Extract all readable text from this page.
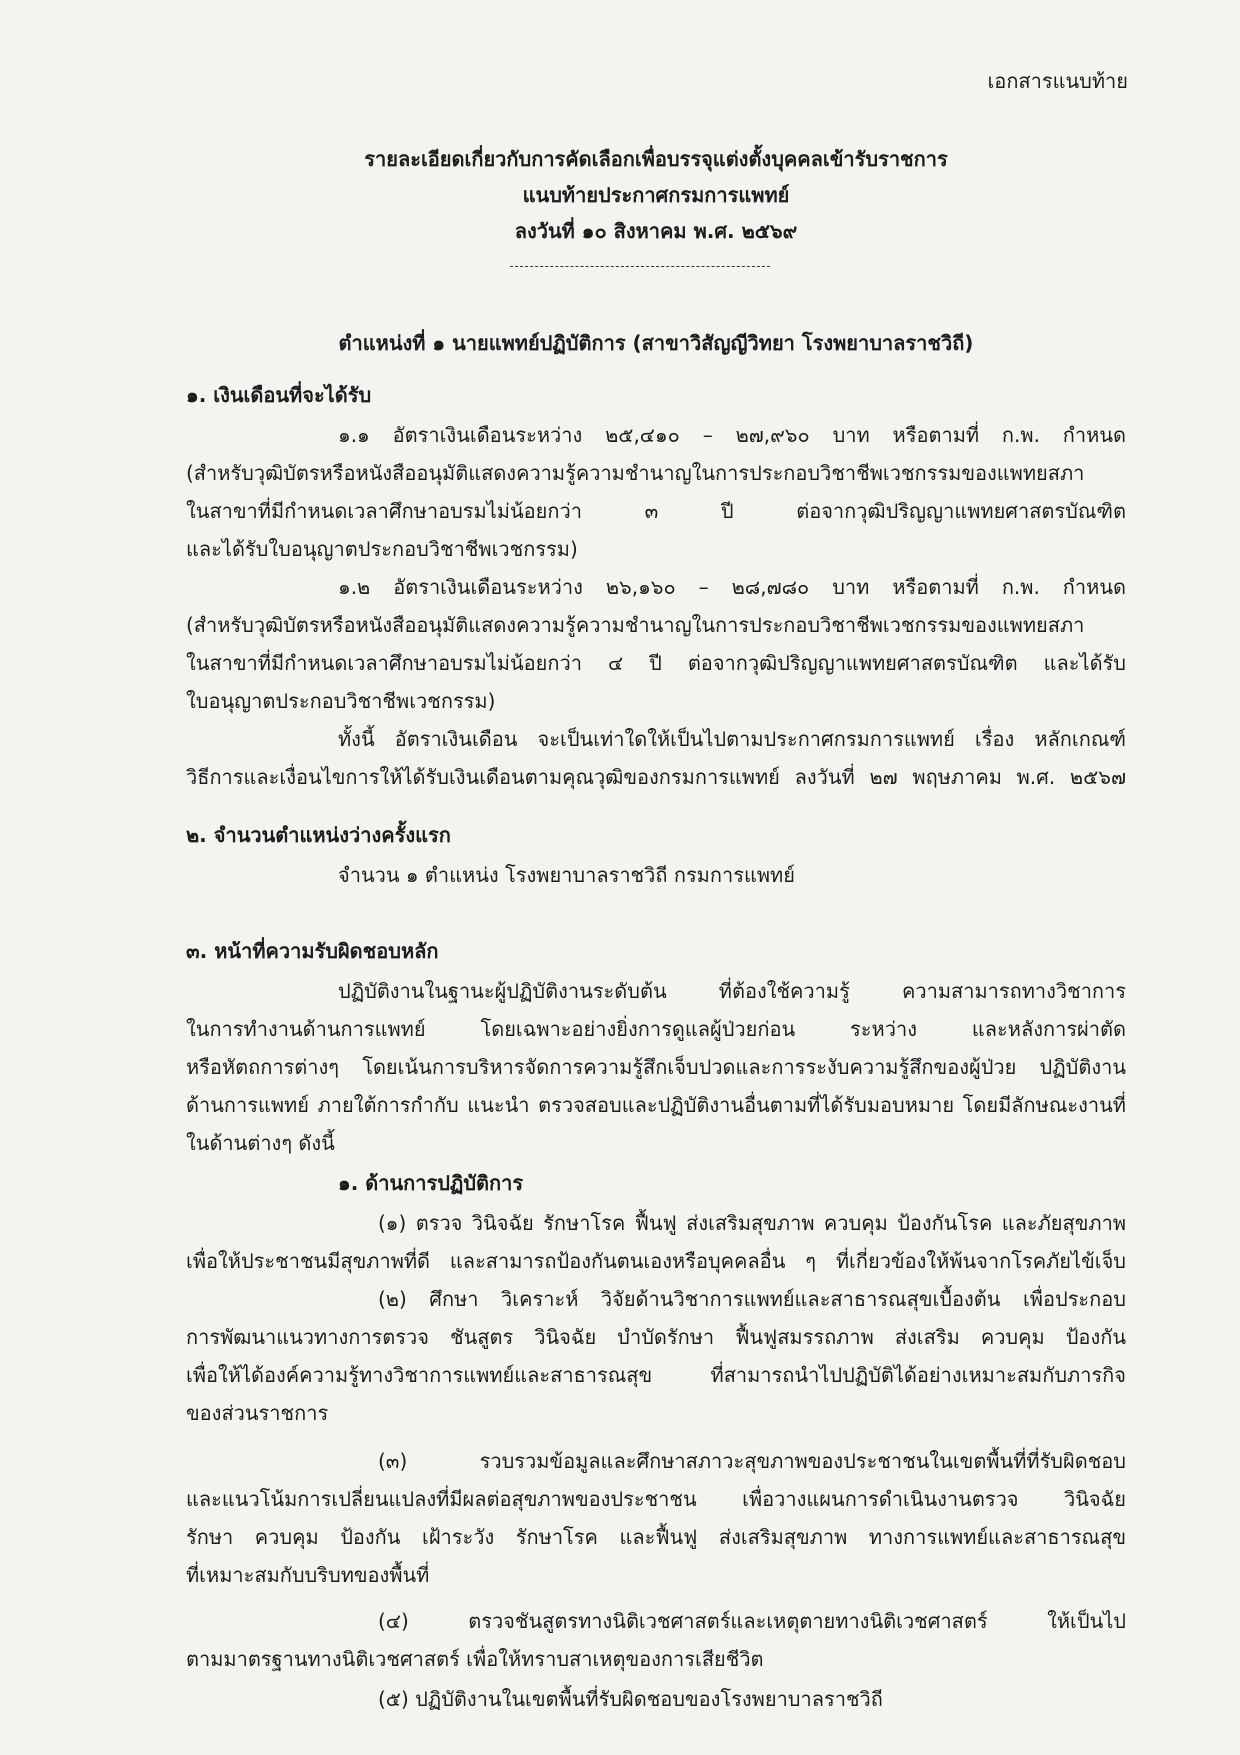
เอกสารแนบท้าย
รายละเอียดเกี่ยวกับการคัดเลือกเพื่อบรรจุแต่งตั้งบุคคลเข้ารับราชการ
แนบท้ายประกาศกรมการแพทย์
ลงวันที่ ๑๐ สิงหาคม พ.ศ. ๒๕๖๙
ตำแหน่งที่ ๑ นายแพทย์ปฏิบัติการ (สาขาวิสัญญีวิทยา โรงพยาบาลราชวิถี)
๑. เงินเดือนที่จะได้รับ
๑.๑ อัตราเงินเดือนระหว่าง ๒๕,๔๑๐ – ๒๗,๙๖๐ บาท หรือตามที่ ก.พ. กำหนด
(สำหรับวุฒิบัตรหรือหนังสืออนุมัติแสดงความรู้ความชำนาญในการประกอบวิชาชีพเวชกรรมของแพทยสภา
ในสาขาที่มีกำหนดเวลาศึกษาอบรมไม่น้อยกว่า ๓ ปี ต่อจากวุฒิปริญญาแพทยศาสตรบัณฑิต
และได้รับใบอนุญาตประกอบวิชาชีพเวชกรรม)
๑.๒ อัตราเงินเดือนระหว่าง ๒๖,๑๖๐ – ๒๘,๗๘๐ บาท หรือตามที่ ก.พ. กำหนด
(สำหรับวุฒิบัตรหรือหนังสืออนุมัติแสดงความรู้ความชำนาญในการประกอบวิชาชีพเวชกรรมของแพทยสภา
ในสาขาที่มีกำหนดเวลาศึกษาอบรมไม่น้อยกว่า ๔ ปี ต่อจากวุฒิปริญญาแพทยศาสตรบัณฑิต และได้รับ
ใบอนุญาตประกอบวิชาชีพเวชกรรม)
ทั้งนี้ อัตราเงินเดือน จะเป็นเท่าใดให้เป็นไปตามประกาศกรมการแพทย์ เรื่อง หลักเกณฑ์
วิธีการและเงื่อนไขการให้ได้รับเงินเดือนตามคุณวุฒิของกรมการแพทย์ ลงวันที่ ๒๗ พฤษภาคม พ.ศ. ๒๕๖๗
๒. จำนวนตำแหน่งว่างครั้งแรก
จำนวน ๑ ตำแหน่ง โรงพยาบาลราชวิถี กรมการแพทย์
๓. หน้าที่ความรับผิดชอบหลัก
ปฏิบัติงานในฐานะผู้ปฏิบัติงานระดับต้น ที่ต้องใช้ความรู้ ความสามารถทางวิชาการ
ในการทำงานด้านการแพทย์ โดยเฉพาะอย่างยิ่งการดูแลผู้ป่วยก่อน ระหว่าง และหลังการผ่าตัด
หรือหัตถการต่างๆ โดยเน้นการบริหารจัดการความรู้สึกเจ็บปวดและการระงับความรู้สึกของผู้ป่วย ปฏิบัติงาน
ด้านการแพทย์ ภายใต้การกำกับ แนะนำ ตรวจสอบและปฏิบัติงานอื่นตามที่ได้รับมอบหมาย โดยมีลักษณะงานที่
ในด้านต่างๆ ดังนี้
๑. ด้านการปฏิบัติการ
(๑) ตรวจ วินิจฉัย รักษาโรค ฟื้นฟู ส่งเสริมสุขภาพ ควบคุม ป้องกันโรค และภัยสุขภาพ
เพื่อให้ประชาชนมีสุขภาพที่ดี และสามารถป้องกันตนเองหรือบุคคลอื่น ๆ ที่เกี่ยวข้องให้พ้นจากโรคภัยไข้เจ็บ
(๒) ศึกษา วิเคราะห์ วิจัยด้านวิชาการแพทย์และสาธารณสุขเบื้องต้น เพื่อประกอบ
การพัฒนาแนวทางการตรวจ ชันสูตร วินิจฉัย บำบัดรักษา ฟื้นฟูสมรรถภาพ ส่งเสริม ควบคุม ป้องกัน
เพื่อให้ได้องค์ความรู้ทางวิชาการแพทย์และสาธารณสุข ที่สามารถนำไปปฏิบัติได้อย่างเหมาะสมกับภารกิจ
ของส่วนราชการ
(๓) รวบรวมข้อมูลและศึกษาสภาวะสุขภาพของประชาชนในเขตพื้นที่ที่รับผิดชอบ
และแนวโน้มการเปลี่ยนแปลงที่มีผลต่อสุขภาพของประชาชน เพื่อวางแผนการดำเนินงานตรวจ วินิจฉัย
รักษา ควบคุม ป้องกัน เฝ้าระวัง รักษาโรค และฟื้นฟู ส่งเสริมสุขภาพ ทางการแพทย์และสาธารณสุข
ที่เหมาะสมกับบริบทของพื้นที่
(๔) ตรวจชันสูตรทางนิติเวชศาสตร์และเหตุตายทางนิติเวชศาสตร์ ให้เป็นไป
ตามมาตรฐานทางนิติเวชศาสตร์ เพื่อให้ทราบสาเหตุของการเสียชีวิต
(๕) ปฏิบัติงานในเขตพื้นที่รับผิดชอบของโรงพยาบาลราชวิถี
